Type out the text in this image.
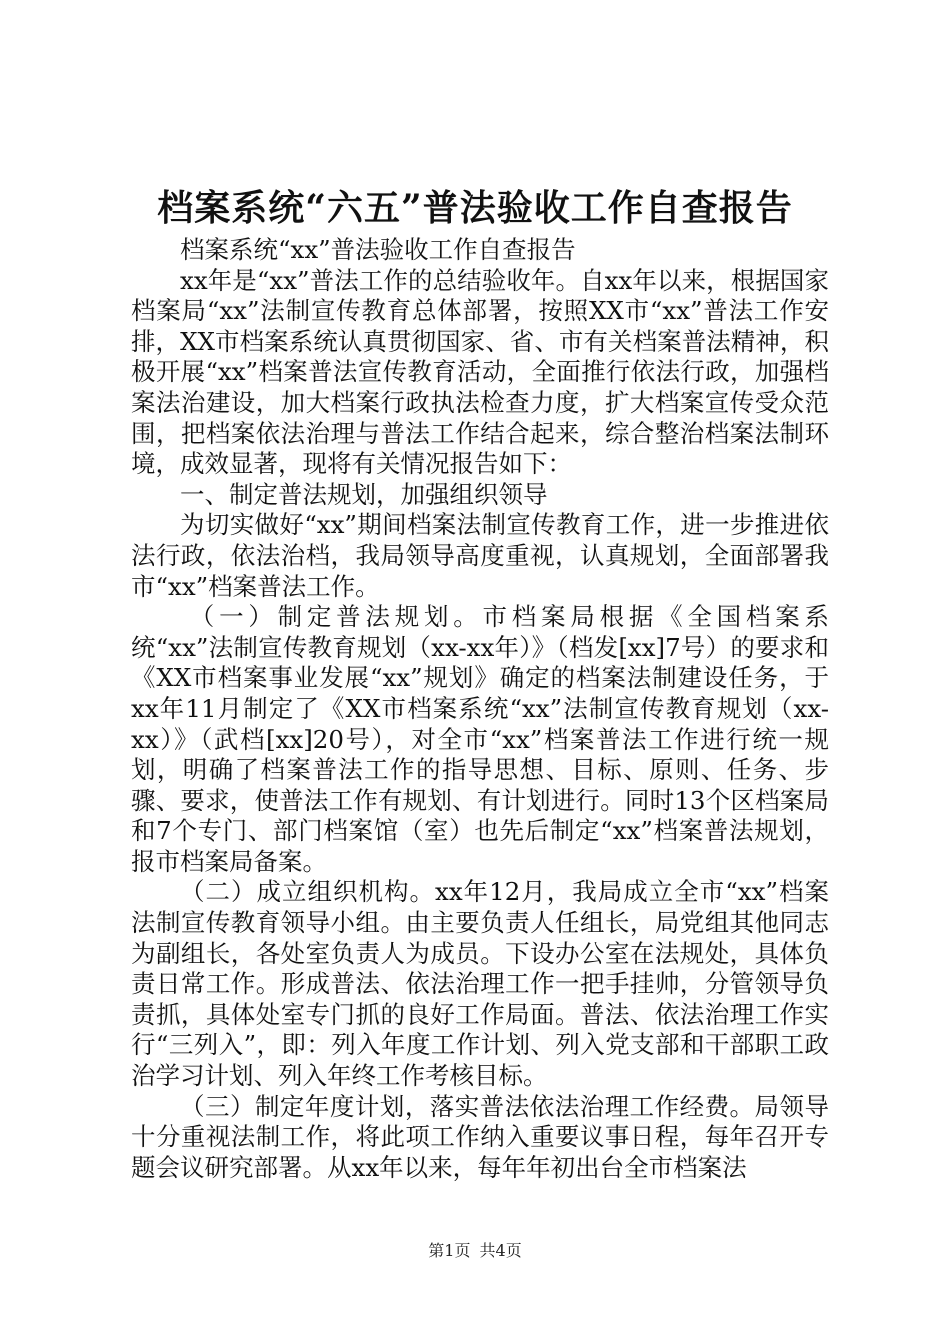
档案系统“六五”普法验收工作自查报告

档案系统“xx”普法验收工作自查报告

xx年是“xx”普法工作的总结验收年。自xx年以来，根据国家档案局“xx”法制宣传教育总体部署，按照XX市“xx”普法工作安排，XX市档案系统认真贯彻国家、省、市有关档案普法精神，积极开展“xx”档案普法宣传教育活动，全面推行依法行政，加强档案法治建设，加大档案行政执法检查力度，扩大档案宣传受众范围，把档案依法治理与普法工作结合起来，综合整治档案法制环境，成效显著，现将有关情况报告如下：

一、制定普法规划，加强组织领导

为切实做好“xx”期间档案法制宣传教育工作，进一步推进依法行政，依法治档，我局领导高度重视，认真规划，全面部署我市“xx”档案普法工作。

（一）制定普法规划。市档案局根据《全国档案系统“xx”法制宣传教育规划（xx-xx年）》（档发[xx]7号）的要求和《XX市档案事业发展“xx”规划》确定的档案法制建设任务，于xx年11月制定了《XX市档案系统“xx”法制宣传教育规划（xx-xx）》（武档[xx]20号），对全市“xx”档案普法工作进行统一规划，明确了档案普法工作的指导思想、目标、原则、任务、步骤、要求，使普法工作有规划、有计划进行。同时13个区档案局和7个专门、部门档案馆（室）也先后制定“xx”档案普法规划，报市档案局备案。

（二）成立组织机构。xx年12月，我局成立全市“xx”档案法制宣传教育领导小组。由主要负责人任组长，局党组其他同志为副组长，各处室负责人为成员。下设办公室在法规处，具体负责日常工作。形成普法、依法治理工作一把手挂帅，分管领导负责抓，具体处室专门抓的良好工作局面。普法、依法治理工作实行“三列入”，即：列入年度工作计划、列入党支部和干部职工政治学习计划、列入年终工作考核目标。

（三）制定年度计划，落实普法依法治理工作经费。局领导十分重视法制工作，将此项工作纳入重要议事日程，每年召开专题会议研究部署。从xx年以来，每年年初出台全市档案法

第1页 共4页
